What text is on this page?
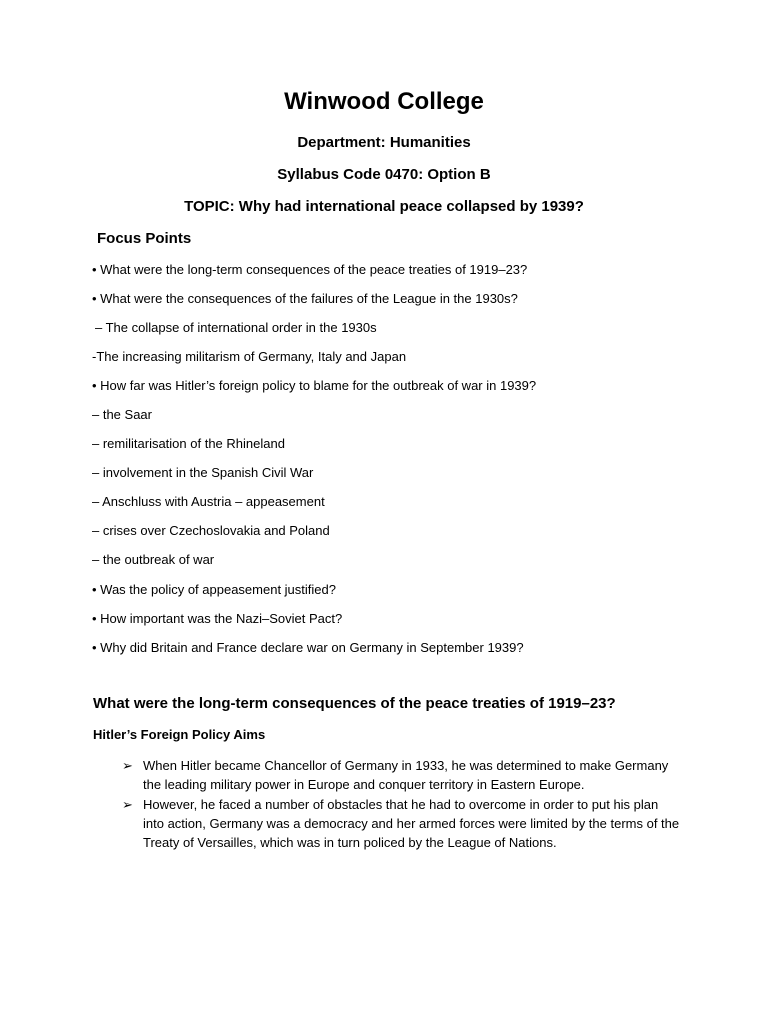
Winwood College
Department: Humanities
Syllabus Code 0470: Option B
TOPIC: Why had international peace collapsed by 1939?
Focus Points
• What were the long-term consequences of the peace treaties of 1919–23?
• What were the consequences of the failures of the League in the 1930s?
– The collapse of international order in the 1930s
-The increasing militarism of Germany, Italy and Japan
• How far was Hitler’s foreign policy to blame for the outbreak of war in 1939?
– the Saar
– remilitarisation of the Rhineland
– involvement in the Spanish Civil War
– Anschluss with Austria – appeasement
– crises over Czechoslovakia and Poland
– the outbreak of war
• Was the policy of appeasement justified?
• How important was the Nazi–Soviet Pact?
• Why did Britain and France declare war on Germany in September 1939?
What were the long-term consequences of the peace treaties of 1919–23?
Hitler’s Foreign Policy Aims
➢ When Hitler became Chancellor of Germany in 1933, he was determined to make Germany the leading military power in Europe and conquer territory in Eastern Europe.
➢ However, he faced a number of obstacles that he had to overcome in order to put his plan into action, Germany was a democracy and her armed forces were limited by the terms of the Treaty of Versailles, which was in turn policed by the League of Nations.
